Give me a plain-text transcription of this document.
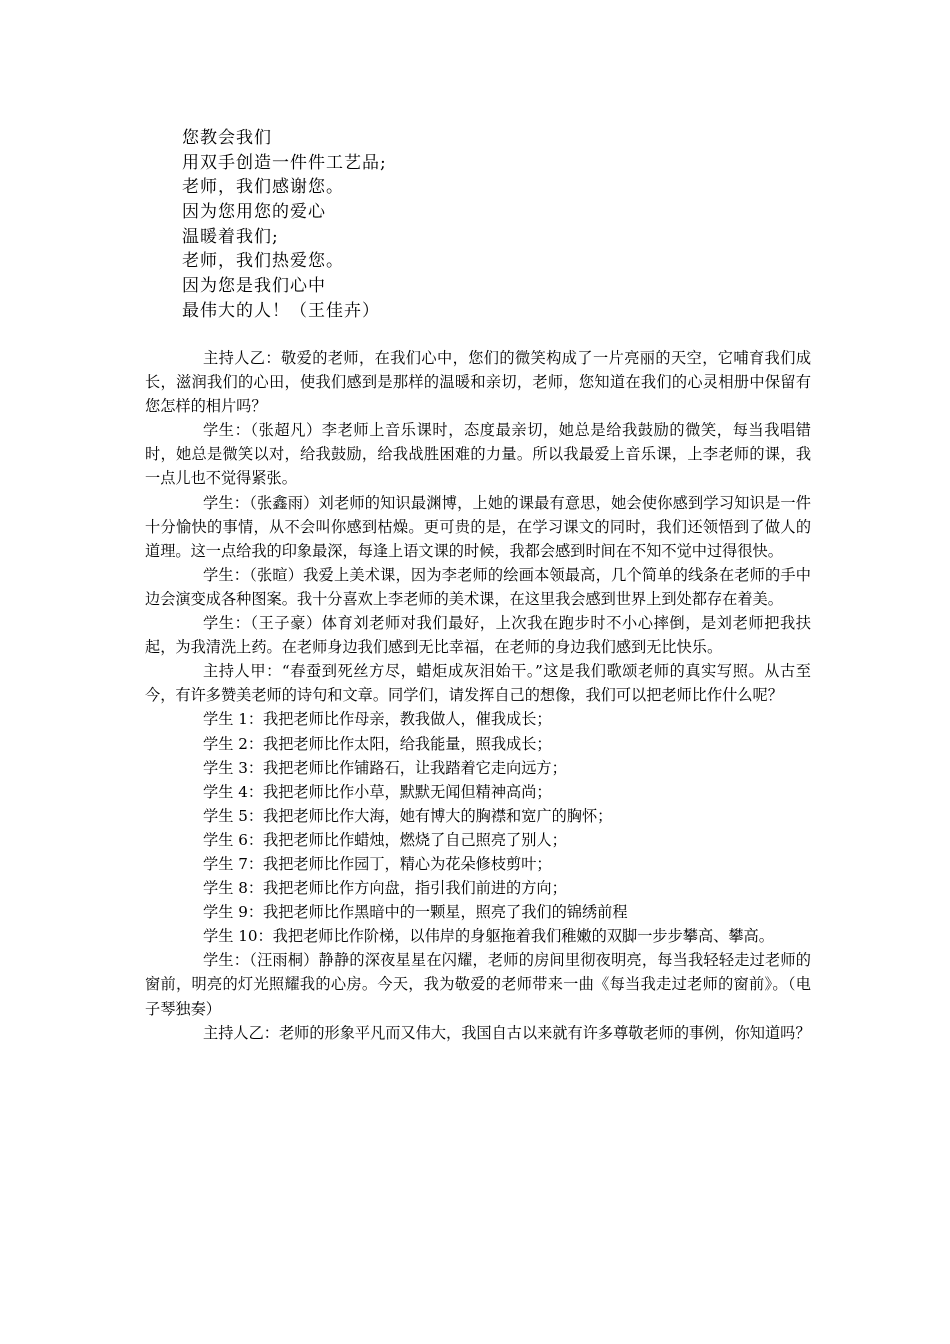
您教会我们
用双手创造一件件工艺品;
老师，我们感谢您。
因为您用您的爱心
温暖着我们;
老师，我们热爱您。
因为您是我们心中
最伟大的人！（王佳卉）

主持人乙：敬爱的老师，在我们心中，您们的微笑构成了一片亮丽的天空，它哺育我们成长，滋润我们的心田，使我们感到是那样的温暖和亲切，老师，您知道在我们的心灵相册中保留有您怎样的相片吗？

学生：（张超凡）李老师上音乐课时，态度最亲切，她总是给我鼓励的微笑，每当我唱错时，她总是微笑以对，给我鼓励，给我战胜困难的力量。所以我最爱上音乐课，上李老师的课，我一点儿也不觉得紧张。

学生：（张鑫雨）刘老师的知识最渊博，上她的课最有意思，她会使你感到学习知识是一件十分愉快的事情，从不会叫你感到枯燥。更可贵的是，在学习课文的同时，我们还领悟到了做人的道理。这一点给我的印象最深，每逢上语文课的时候，我都会感到时间在不知不觉中过得很快。

学生：（张暄）我爱上美术课，因为李老师的绘画本领最高，几个简单的线条在老师的手中边会演变成各种图案。我十分喜欢上李老师的美术课，在这里我会感到世界上到处都存在着美。

学生：（王子豪）体育刘老师对我们最好，上次我在跑步时不小心摔倒，是刘老师把我扶起，为我清洗上药。在老师身边我们感到无比幸福，在老师的身边我们感到无比快乐。

主持人甲：“春蚕到死丝方尽，蜡炬成灰泪始干。”这是我们歌颂老师的真实写照。从古至今，有许多赞美老师的诗句和文章。同学们，请发挥自己的想像，我们可以把老师比作什么呢？

学生 1：我把老师比作母亲，教我做人，催我成长；

学生 2：我把老师比作太阳，给我能量，照我成长；

学生 3：我把老师比作铺路石，让我踏着它走向远方；

学生 4：我把老师比作小草，默默无闻但精神高尚；

学生 5：我把老师比作大海，她有博大的胸襟和宽广的胸怀；

学生 6：我把老师比作蜡烛，燃烧了自己照亮了别人；

学生 7：我把老师比作园丁，精心为花朵修枝剪叶；

学生 8：我把老师比作方向盘，指引我们前进的方向；

学生 9：我把老师比作黑暗中的一颗星，照亮了我们的锦绣前程

学生 10：我把老师比作阶梯，以伟岸的身躯拖着我们稚嫩的双脚一步步攀高、攀高。

学生：（汪雨桐）静静的深夜星星在闪耀，老师的房间里彻夜明亮，每当我轻轻走过老师的窗前，明亮的灯光照耀我的心房。今天，我为敬爱的老师带来一曲《每当我走过老师的窗前》。（电子琴独奏）

主持人乙：老师的形象平凡而又伟大，我国自古以来就有许多尊敬老师的事例，你知道吗？
